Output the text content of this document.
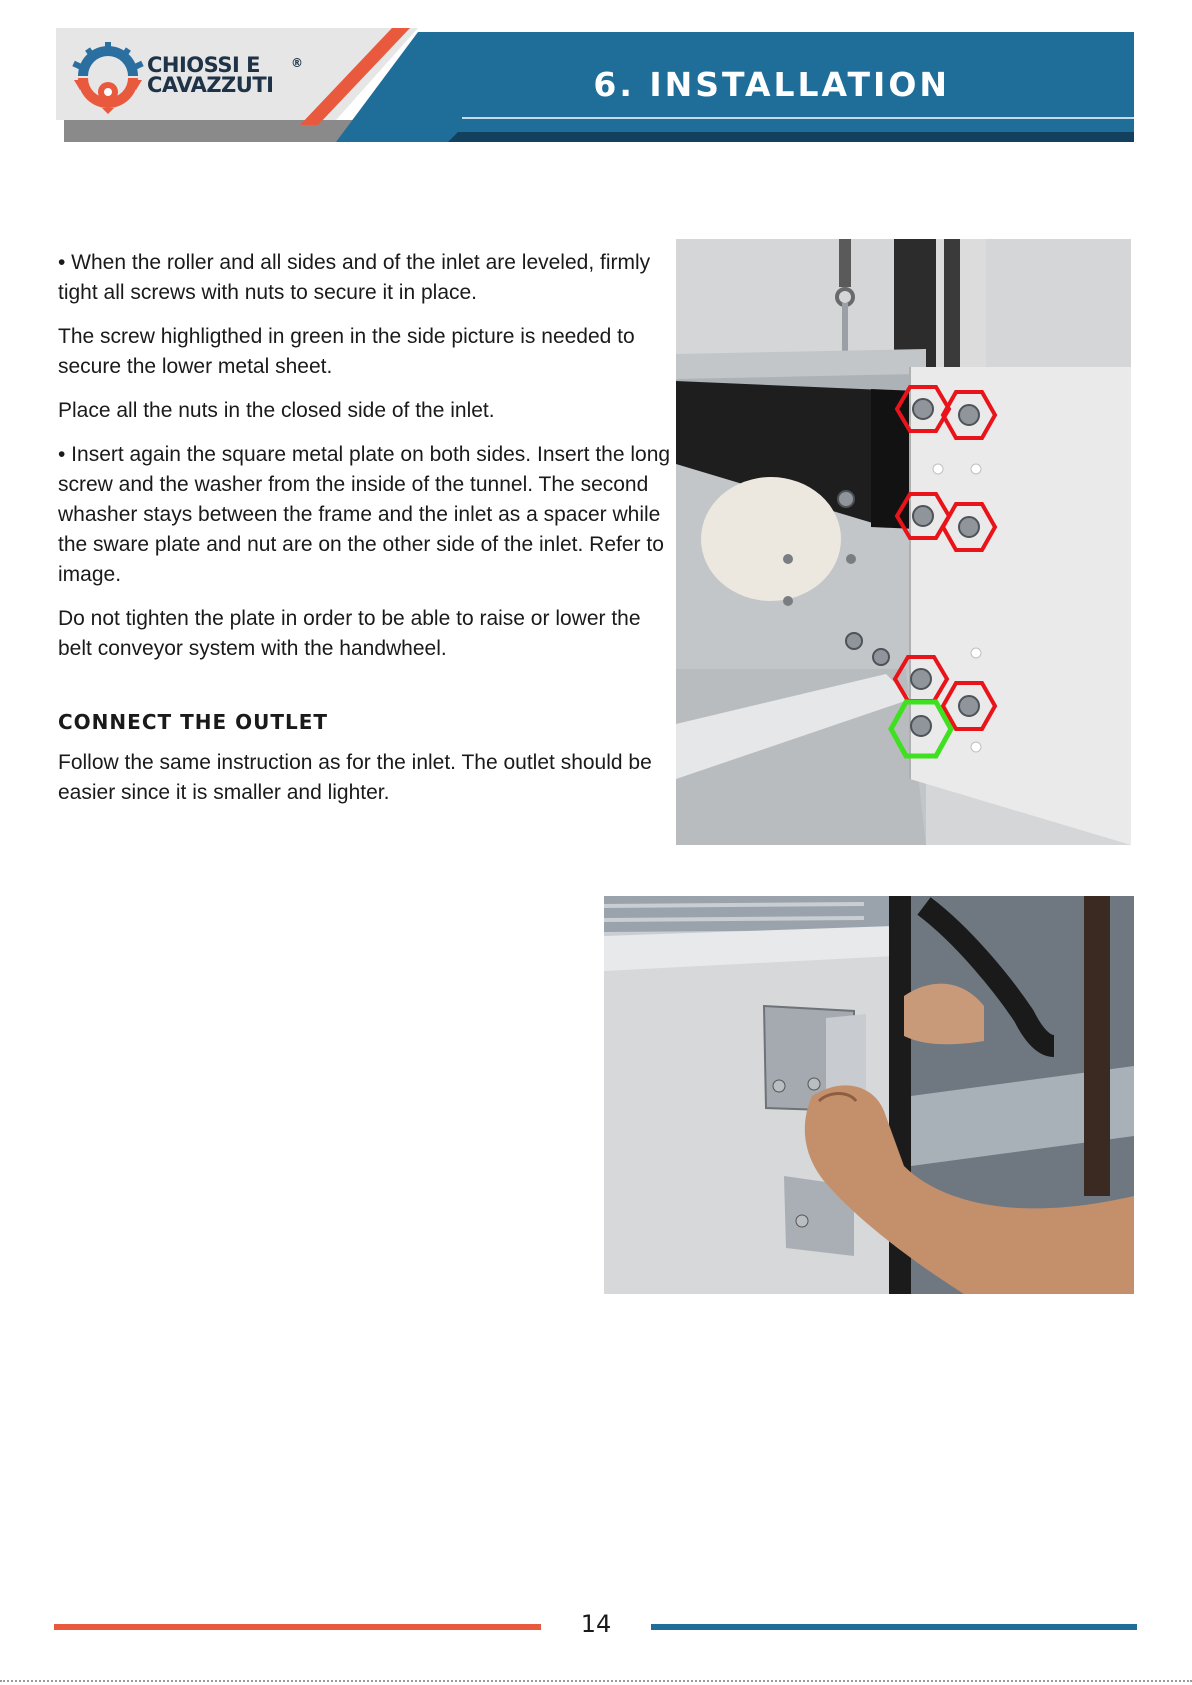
CHIOSSI E
CAVAZZUTI
®
6. INSTALLATION

• When the roller and all sides and of the inlet are leveled, firmly tight all screws with nuts to secure it in place.

The screw highligthed in green in the side picture is needed to secure the lower metal sheet.

Place all the nuts in the closed side of the inlet.

• Insert again the square metal plate on both sides. Insert the long screw and the washer from the inside of the tunnel. The second whasher stays between the frame and the inlet as a spacer while the sware plate and nut are on the other side of the inlet. Refer to image.

Do not tighten the plate in order to be able to raise or lower the belt conveyor system with the handwheel.

CONNECT THE OUTLET

Follow the same instruction as for the inlet. The outlet should be easier since it is smaller and lighter.

14
